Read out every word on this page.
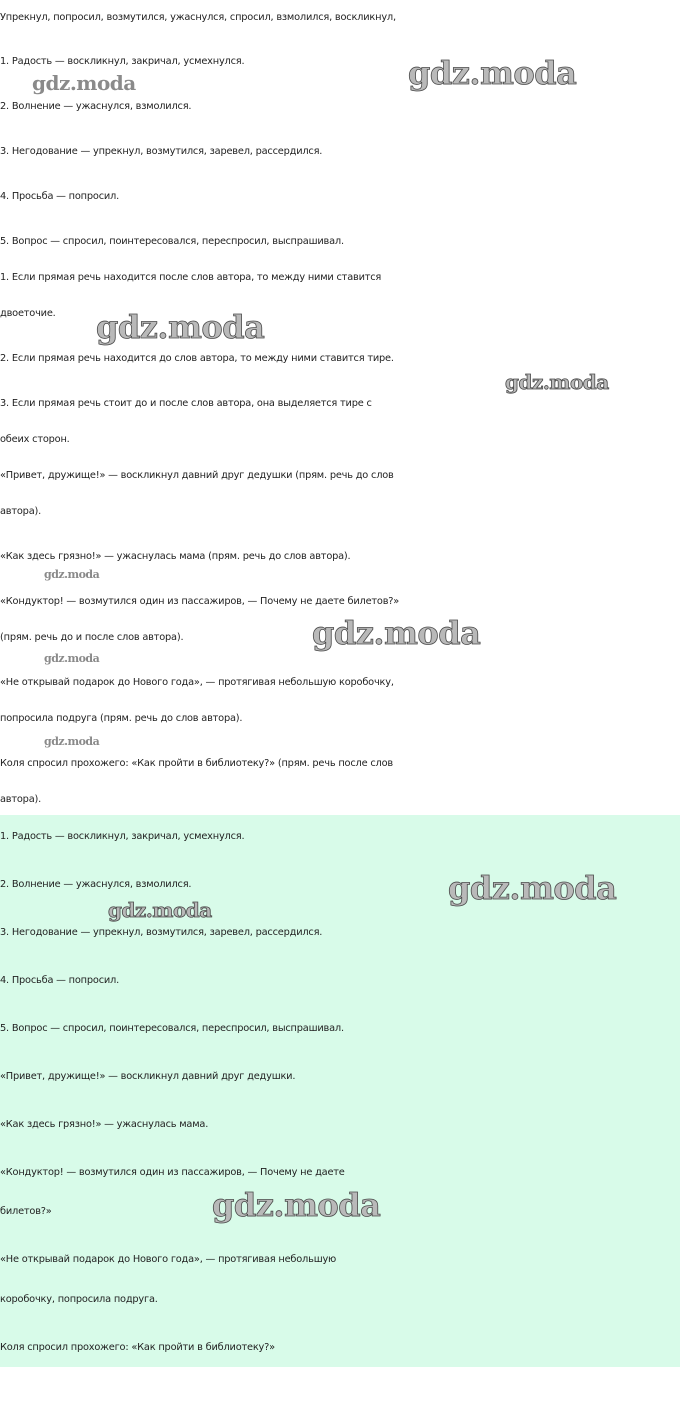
Упрекнул, попросил, возмутился, ужаснулся, спросил, взмолился, воскликнул,
1. Радость — воскликнул, закричал, усмехнулся.
2. Волнение — ужаснулся, взмолился.
3. Негодование — упрекнул, возмутился, заревел, рассердился.
4. Просьба — попросил.
5. Вопрос — спросил, поинтересовался, переспросил, выспрашивал.
1. Если прямая речь находится после слов автора, то между ними ставится
двоеточие.
2. Если прямая речь находится до слов автора, то между ними ставится тире.
3. Если прямая речь стоит до и после слов автора, она выделяется тире с
обеих сторон.
«Привет, дружище!» — воскликнул давний друг дедушки (прям. речь до слов
автора).
«Как здесь грязно!» — ужаснулась мама (прям. речь до слов автора).
«Кондуктор! — возмутился один из пассажиров, — Почему не даете билетов?»
(прям. речь до и после слов автора).
«Не открывай подарок до Нового года», — протягивая небольшую коробочку,
попросила подруга (прям. речь до слов автора).
Коля спросил прохожего: «Как пройти в библиотеку?» (прям. речь после слов
автора).
1. Радость — воскликнул, закричал, усмехнулся.
2. Волнение — ужаснулся, взмолился.
3. Негодование — упрекнул, возмутился, заревел, рассердился.
4. Просьба — попросил.
5. Вопрос — спросил, поинтересовался, переспросил, выспрашивал.
«Привет, дружище!» — воскликнул давний друг дедушки.
«Как здесь грязно!» — ужаснулась мама.
«Кондуктор! — возмутился один из пассажиров, — Почему не даете
билетов?»
«Не открывай подарок до Нового года», — протягивая небольшую
коробочку, попросила подруга.
Коля спросил прохожего: «Как пройти в библиотеку?»
gdz.moda
gdz.moda
gdz.moda
gdz.moda
gdz.moda
gdz.moda
gdz.moda
gdz.moda
gdz.moda
gdz.moda
gdz.moda
